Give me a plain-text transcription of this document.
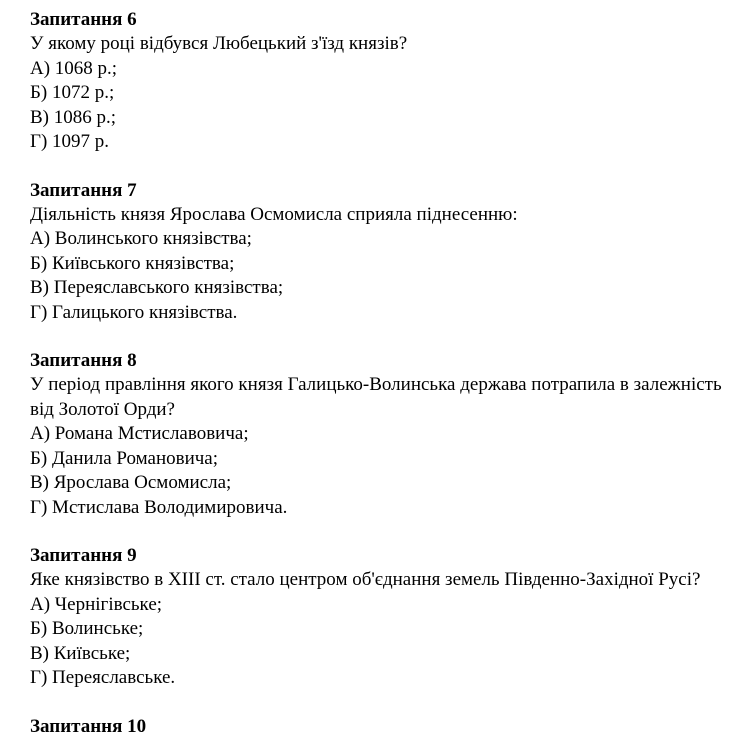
Запитання 6

У якому році відбувся Любецький з'їзд князів?

А) 1068 р.;
Б) 1072 р.;
В) 1086 р.;
Г) 1097 р.
Запитання 7

Діяльність князя Ярослава Осмомисла сприяла піднесенню:

А) Волинського князівства;
Б) Київського князівства;
В) Переяславського князівства;
Г) Галицького князівства.
Запитання 8

У період правління якого князя Галицько-Волинська держава потрапила в залежність від Золотої Орди?

А) Романа Мстиславовича;
Б) Данила Романовича;
В) Ярослава Осмомисла;
Г) Мстислава Володимировича.
Запитання 9

Яке князівство в ХІІІ ст. стало центром об'єднання земель Південно-Західної Русі?

А) Чернігівське;
Б) Волинське;
В) Київське;
Г) Переяславське.
Запитання 10
